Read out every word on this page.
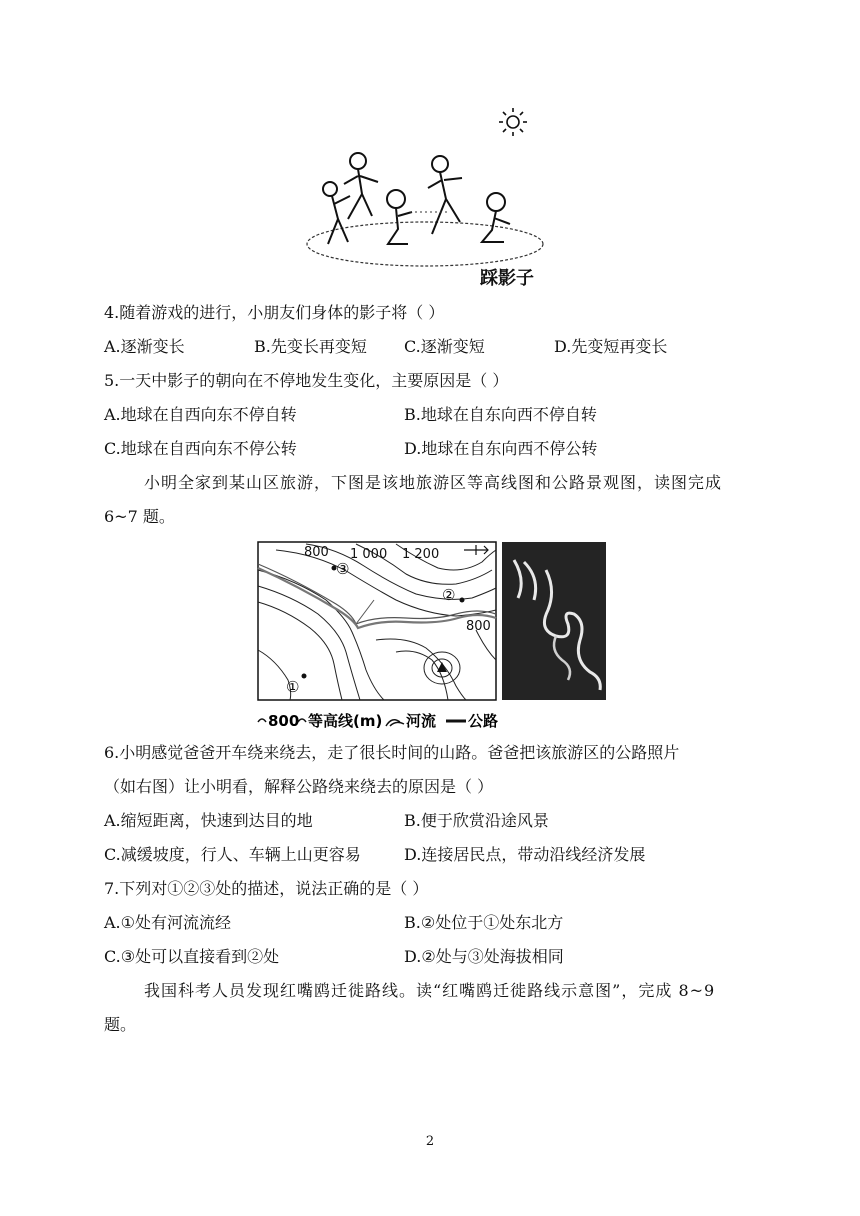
踩影子
4.随着游戏的进行，小朋友们身体的影子将（ ）
A.逐渐变长	B.先变长再变短 C.逐渐变短	D.先变短再变长
5.一天中影子的朝向在不停地发生变化，主要原因是（ ）
A.地球在自西向东不停自转	B.地球在自东向西不停自转
C.地球在自西向东不停公转	D.地球在自东向西不停公转
小明全家到某山区旅游，下图是该地旅游区等高线图和公路景观图，读图完成
6~7 题。
800 1 000 1 200
800
①
②
③
800 等高线(m) 河流 公路
6.小明感觉爸爸开车绕来绕去，走了很长时间的山路。爸爸把该旅游区的公路照片
（如右图）让小明看，解释公路绕来绕去的原因是（ ）
A.缩短距离，快速到达目的地	B.便于欣赏沿途风景
C.减缓坡度，行人、车辆上山更容易	D.连接居民点，带动沿线经济发展
7.下列对①②③处的描述，说法正确的是（ ）
A.①处有河流流经	B.②处位于①处东北方
C.③处可以直接看到②处	D.②处与③处海拔相同
我国科考人员发现红嘴鸥迁徙路线。读“红嘴鸥迁徙路线示意图”，完成 8~9
题。
2
